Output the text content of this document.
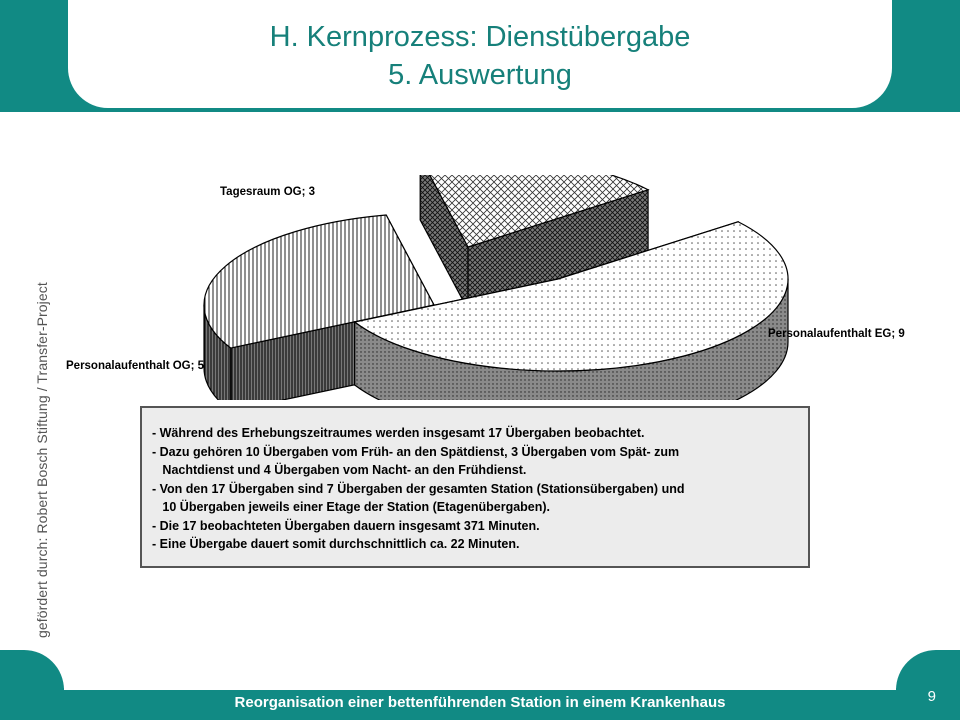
H. Kernprozess: Dienstübergabe
5. Auswertung
gefördert durch: Robert Bosch Stiftung / Transfer-Project
Tagesraum OG; 3
Personalaufenthalt EG; 9
Personalaufenthalt OG; 5
- Während des Erhebungszeitraumes werden insgesamt 17 Übergaben beobachtet.
- Dazu gehören 10 Übergaben vom Früh- an den Spätdienst, 3 Übergaben vom Spät- zum
Nachtdienst und 4 Übergaben vom Nacht- an den Frühdienst.
- Von den 17 Übergaben sind 7 Übergaben der gesamten Station (Stationsübergaben) und
10 Übergaben jeweils einer Etage der Station (Etagenübergaben).
- Die 17 beobachteten Übergaben dauern insgesamt 371 Minuten.
- Eine Übergabe dauert somit durchschnittlich ca. 22 Minuten.
Reorganisation einer bettenführenden Station in einem Krankenhaus	9
